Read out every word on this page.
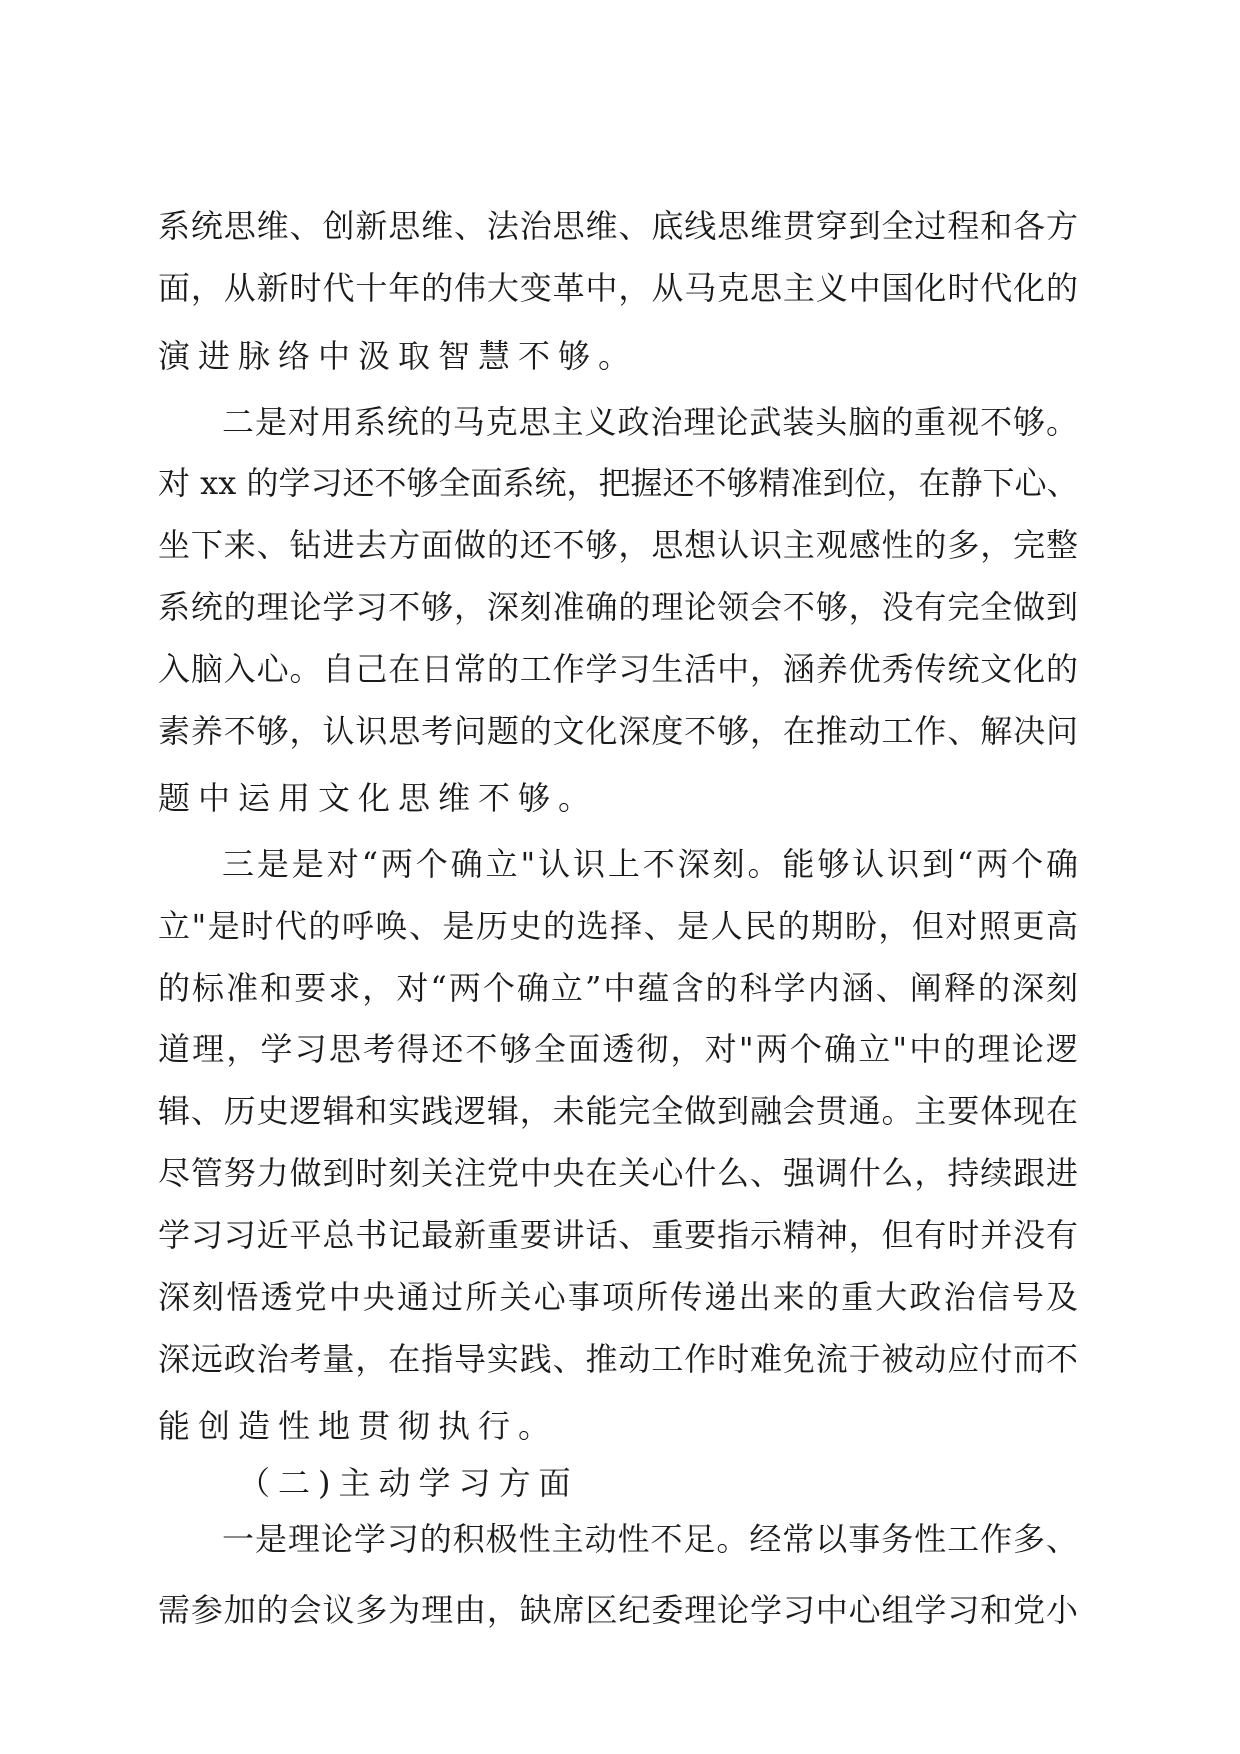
系统思维、创新思维、法治思维、底线思维贯穿到全过程和各方
面，从新时代十年的伟大变革中，从马克思主义中国化时代化的
演进脉络中汲取智慧不够。
二是对用系统的马克思主义政治理论武装头脑的重视不够。
对 xx 的学习还不够全面系统，把握还不够精准到位，在静下心、
坐下来、钻进去方面做的还不够，思想认识主观感性的多，完整
系统的理论学习不够，深刻准确的理论领会不够，没有完全做到
入脑入心。自己在日常的工作学习生活中，涵养优秀传统文化的
素养不够，认识思考问题的文化深度不够，在推动工作、解决问
题中运用文化思维不够。
三是是对“两个确立"认识上不深刻。能够认识到“两个确
立"是时代的呼唤、是历史的选择、是人民的期盼，但对照更高
的标准和要求，对“两个确立”中蕴含的科学内涵、阐释的深刻
道理，学习思考得还不够全面透彻，对"两个确立"中的理论逻
辑、历史逻辑和实践逻辑，未能完全做到融会贯通。主要体现在
尽管努力做到时刻关注党中央在关心什么、强调什么，持续跟进
学习习近平总书记最新重要讲话、重要指示精神，但有时并没有
深刻悟透党中央通过所关心事项所传递出来的重大政治信号及
深远政治考量，在指导实践、推动工作时难免流于被动应付而不
能创造性地贯彻执行。
（二)主动学习方面
一是理论学习的积极性主动性不足。经常以事务性工作多、
需参加的会议多为理由，缺席区纪委理论学习中心组学习和党小
